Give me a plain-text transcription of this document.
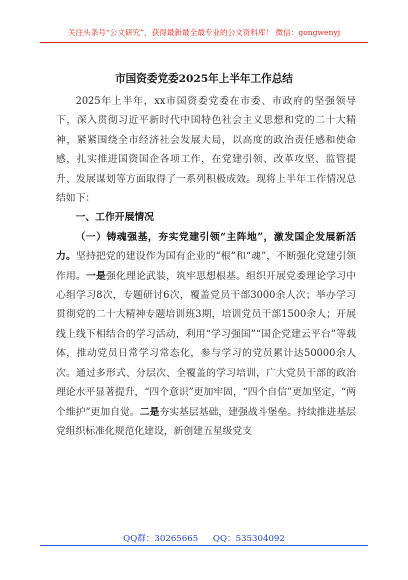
关注头条号“公文研究”，获得最新最全最专业的公文资料库！ 微信：gongwenyj
市国资委党委2025年上半年工作总结

2025年上半年，xx市国资委党委在市委、市政府的坚强领导下，深入贯彻习近平新时代中国特色社会主义思想和党的二十大精神，紧紧围绕全市经济社会发展大局，以高度的政治责任感和使命感，扎实推进国资国企各项工作，在党建引领、改革攻坚、监管提升、发展谋划等方面取得了一系列积极成效。现将上半年工作情况总结如下：

一、工作开展情况

（一）铸魂强基，夯实党建引领“主阵地”，激发国企发展新活力。坚持把党的建设作为国有企业的“根”和“魂”，不断强化党建引领作用。一是强化理论武装，筑牢思想根基。组织开展党委理论学习中心组学习8次，专题研讨6次，覆盖党员干部3000余人次；举办学习贯彻党的二十大精神专题培训班3期，培训党员干部1500余人；开展线上线下相结合的学习活动，利用“学习强国”“国企党建云平台”等载体，推动党员日常学习常态化，参与学习的党员累计达50000余人次。通过多形式、分层次、全覆盖的学习培训，广大党员干部的政治理论水平显著提升，“四个意识”更加牢固，“四个自信”更加坚定，“两个维护”更加自觉。二是夯实基层基础，建强战斗堡垒。持续推进基层党组织标准化规范化建设，新创建五星级党支

QQ群：30265665 QQ：535304092
